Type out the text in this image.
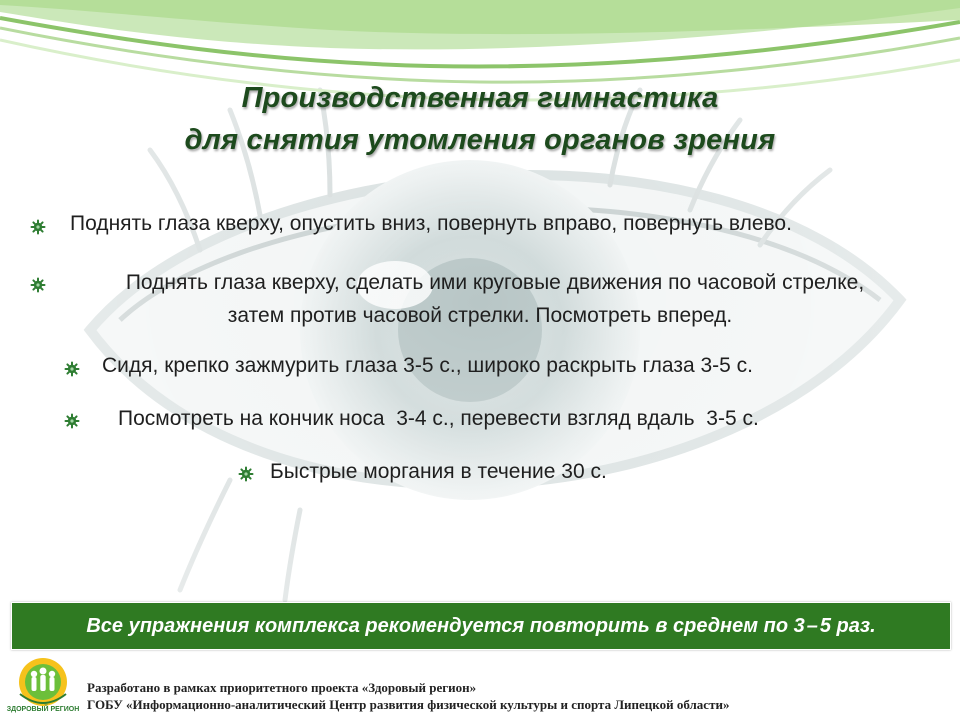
Производственная гимнастика
для снятия утомления органов зрения
Поднять глаза кверху, опустить вниз, повернуть вправо, повернуть влево.
Поднять глаза кверху, сделать ими круговые движения по часовой стрелке,
затем против часовой стрелки. Посмотреть вперед.
Сидя, крепко зажмурить глаза 3-5 с., широко раскрыть глаза 3-5 с.
Посмотреть на кончик носа  3-4 с., перевести взгляд вдаль  3-5 с.
Быстрые моргания в течение 30 с.
Все упражнения комплекса рекомендуется повторить в среднем по 3 – 5 раз.
ЗДОРОВЫЙ РЕГИОН
Разработано в рамках приоритетного проекта «Здоровый регион»
ГОБУ «Информационно-аналитический Центр развития физической культуры и спорта Липецкой области»
